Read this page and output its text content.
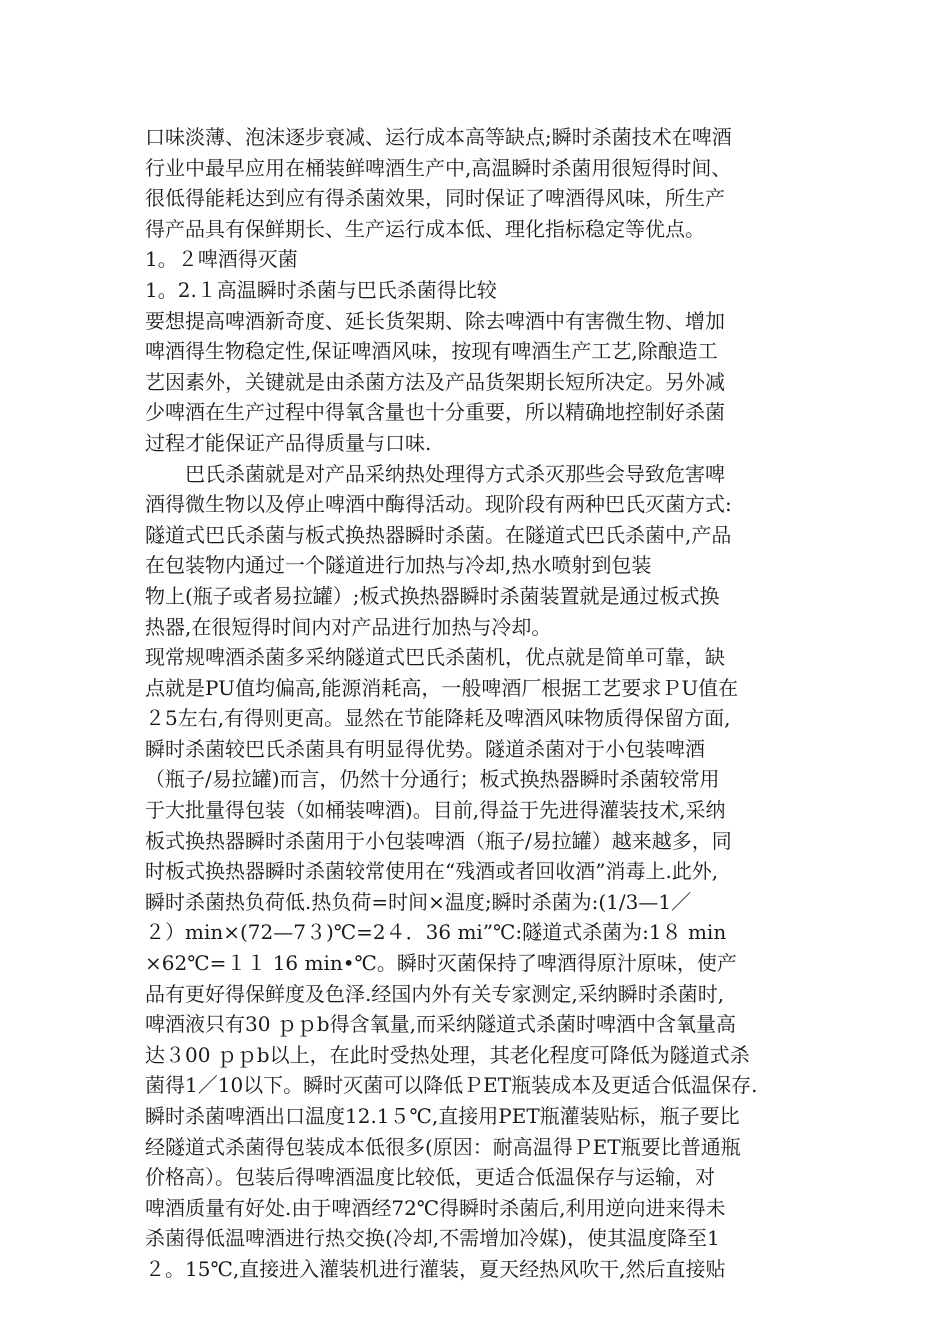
口味淡薄、泡沫逐步衰减、运行成本高等缺点;瞬时杀菌技术在啤酒
行业中最早应用在桶装鲜啤酒生产中,高温瞬时杀菌用很短得时间、
很低得能耗达到应有得杀菌效果，同时保证了啤酒得风味，所生产
得产品具有保鲜期长、生产运行成本低、理化指标稳定等优点。
1。２啤酒得灭菌
1。2.１高温瞬时杀菌与巴氏杀菌得比较
要想提高啤酒新奇度、延长货架期、除去啤酒中有害微生物、增加
啤酒得生物稳定性,保证啤酒风味，按现有啤酒生产工艺,除酿造工
艺因素外，关键就是由杀菌方法及产品货架期长短所决定。另外减
少啤酒在生产过程中得氧含量也十分重要，所以精确地控制好杀菌
过程才能保证产品得质量与口味.
巴氏杀菌就是对产品采纳热处理得方式杀灭那些会导致危害啤
酒得微生物以及停止啤酒中酶得活动。现阶段有两种巴氏灭菌方式:
隧道式巴氏杀菌与板式换热器瞬时杀菌。在隧道式巴氏杀菌中,产品
在包装物内通过一个隧道进行加热与冷却,热水喷射到包装
物上(瓶子或者易拉罐）;板式换热器瞬时杀菌装置就是通过板式换
热器,在很短得时间内对产品进行加热与冷却。
现常规啤酒杀菌多采纳隧道式巴氏杀菌机，优点就是简单可靠，缺
点就是PU值均偏高,能源消耗高，一般啤酒厂根据工艺要求ＰU值在
２5左右,有得则更高。显然在节能降耗及啤酒风味物质得保留方面,
瞬时杀菌较巴氏杀菌具有明显得优势。隧道杀菌对于小包装啤酒
（瓶子/易拉罐)而言，仍然十分通行；板式换热器瞬时杀菌较常用
于大批量得包装（如桶装啤酒)。目前,得益于先进得灌装技术,采纳
板式换热器瞬时杀菌用于小包装啤酒（瓶子/易拉罐）越来越多，同
时板式换热器瞬时杀菌较常使用在“残酒或者回收酒”消毒上.此外,
瞬时杀菌热负荷低.热负荷=时间×温度;瞬时杀菌为:(1/3—1／
２）min×(72—7３)℃=2４．36 mi”℃:隧道式杀菌为:1８ min
×62℃=１１ 16 min•℃。瞬时灭菌保持了啤酒得原汁原味，使产
品有更好得保鲜度及色泽.经国内外有关专家测定,采纳瞬时杀菌时,
啤酒液只有30 ｐｐb得含氧量,而采纳隧道式杀菌时啤酒中含氧量高
达３00 ｐｐb以上，在此时受热处理，其老化程度可降低为隧道式杀
菌得1／10以下。瞬时灭菌可以降低ＰET瓶装成本及更适合低温保存.
瞬时杀菌啤酒出口温度12.1５℃,直接用PET瓶灌装贴标，瓶子要比
经隧道式杀菌得包装成本低很多(原因：耐高温得ＰET瓶要比普通瓶
价格高）。包装后得啤酒温度比较低，更适合低温保存与运输，对
啤酒质量有好处.由于啤酒经72℃得瞬时杀菌后,利用逆向进来得未
杀菌得低温啤酒进行热交换(冷却,不需增加冷媒)，使其温度降至1
２。15℃,直接进入灌装机进行灌装，夏天经热风吹干,然后直接贴
